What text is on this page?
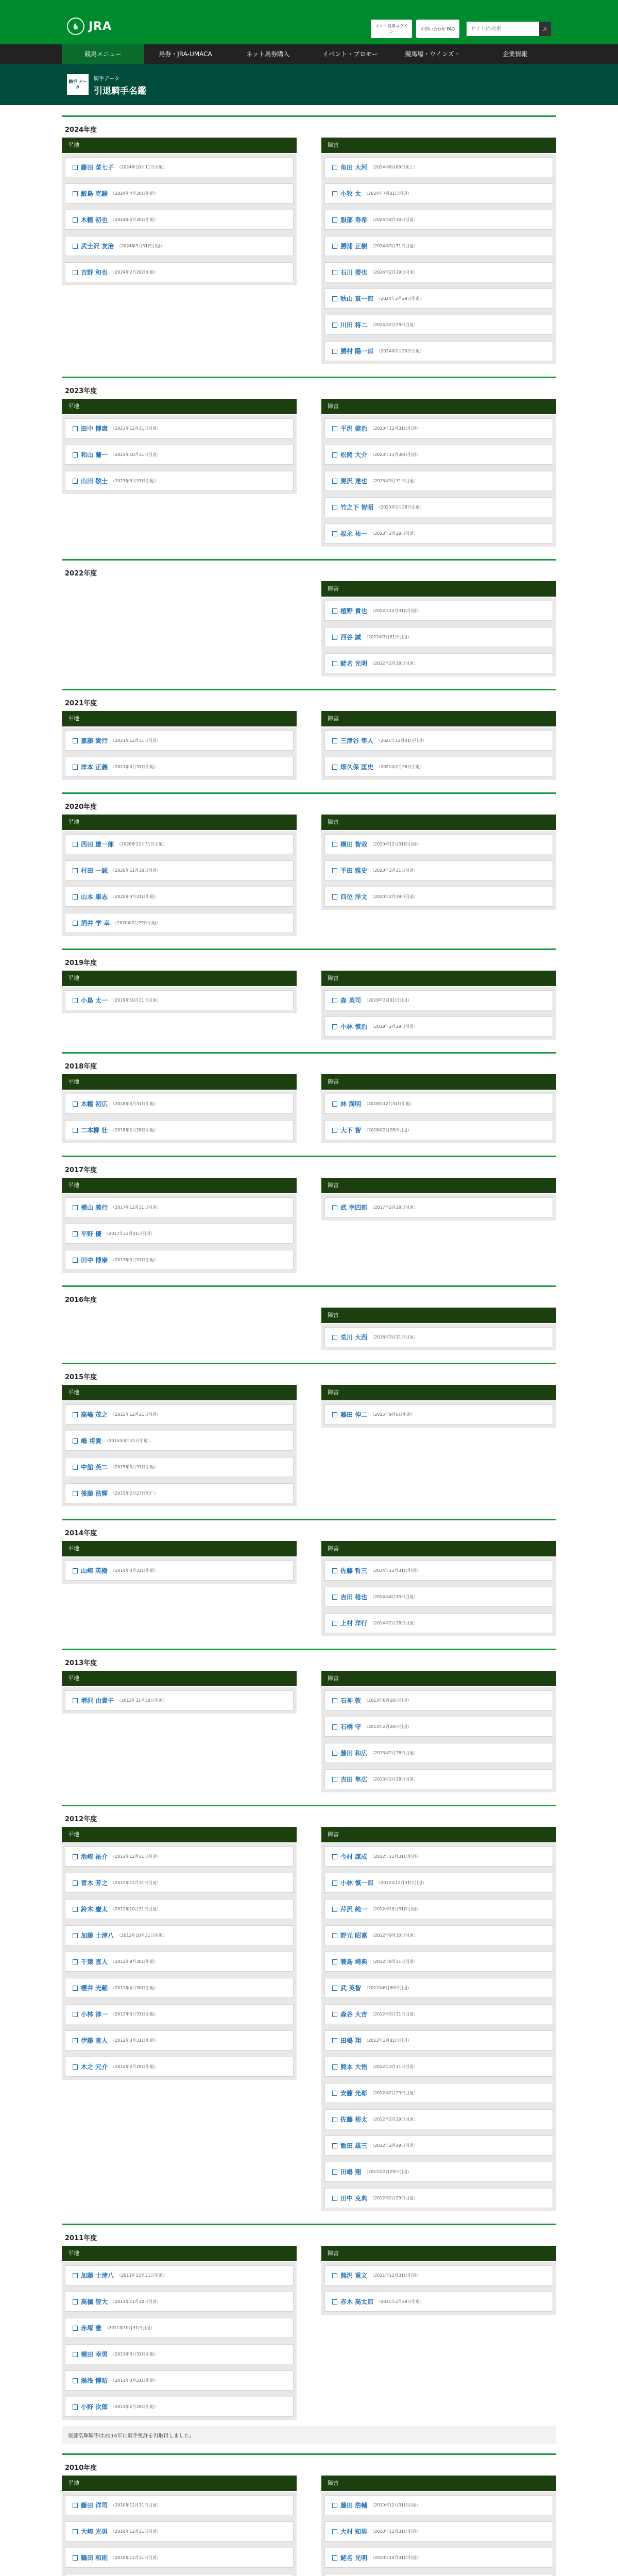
♞ JRA	ネット投票ログイン
お問い合わせ FAQ
サイト内検索	⌕
競馬メニュー	馬券・JRA-UMACA	ネット馬券購入	イベント・プロモー	競馬場・ウインズ・	企業情報
騎手 データ
騎手データ
引退騎手名鑑
2024年度
平地
藤田 菜七子 （2024年10月11日引退）
鮫島 克駿 （2024年4月30日引退）
木幡 初也 （2024年4月30日引退）
武士沢 友治 （2024年3月31日引退）
吉野 和也 （2024年2月29日引退）
障害
角田 大河 （2024年8月09日死亡）
小牧 太 （2024年7月31日引退）
服部 寿希 （2024年4月30日引退）
勝浦 正樹 （2024年3月31日引退）
石川 倭也 （2024年2月29日引退）
秋山 真一郎 （2024年2月29日引退）
川田 将二 （2024年2月29日引退）
勝村 陽一郎 （2024年2月29日引退）
2023年度
平地
田中 博康 （2023年12月31日引退）
和山 蘭一 （2023年10月31日引退）
山田 敬士 （2023年3月31日引退）
障害
平沢 健治 （2023年12月31日引退）
松岡 大介 （2023年11月30日引退）
黒沢 達也 （2023年3月31日引退）
竹之下 智昭 （2023年2月28日引退）
福永 祐一 （2023年2月28日引退）
2022年度
障害
植野 貴也 （2022年12月31日引退）
西谷 誠 （2022年3月31日引退）
蛯名 光明 （2022年2月28日引退）
2021年度
平地
嘉藤 貴行 （2021年12月31日引退）
岸本 正義 （2021年3月31日引退）
障害
三津谷 隼人 （2021年12月31日引退）
畑久保 匡史 （2021年2月28日引退）
2020年度
平地
西田 雄一郎 （2020年12月31日引退）
村田 一誠 （2020年11月30日引退）
山本 康志 （2020年3月31日引退）
酒井 学 幸 （2020年2月29日引退）
障害
横田 智哉 （2020年12月31日引退）
平田 雅史 （2020年3月31日引退）
四位 洋文 （2020年2月29日引退）
2019年度
平地
小島 太一 （2019年10月31日引退）
障害
森 英司 （2019年3月31日引退）
小林 慎治 （2019年2月28日引退）
2018年度
平地
木幡 初広 （2018年3月31日引退）
二本柳 壮 （2018年2月28日引退）
障害
林 満明 （2018年12月31日引退）
大下 智 （2018年2月28日引退）
2017年度
平地
横山 義行 （2017年12月31日引退）
平野 優 （2017年12月31日引退）
田中 博康 （2017年3月31日引退）
障害
武 幸四郎 （2017年2月28日引退）
2016年度
障害
荒川 大西 （2016年3月31日引退）
2015年度
平地
高嶋 茂之 （2015年12月31日引退）
嶋 将貴 （2015年8月31日引退）
中舘 英二 （2015年3月31日引退）
後藤 浩輝 （2015年2月27日死亡）
障害
藤田 伸二 （2015年9月6日引退）
2014年度
平地
山崎 英樹 （2014年3月31日引退）
障害
佐藤 哲三 （2014年12月31日引退）
吉田 稔也 （2014年4月30日引退）
上村 洋行 （2014年2月28日引退）
2013年度
平地
増沢 由貴子 （2013年11月30日引退）
障害
石神 敦 （2013年8月20日引退）
石橋 守 （2013年2月28日引退）
藤田 和広 （2013年2月28日引退）
吉田 隼広 （2013年2月28日引退）
2012年度
平地
池崎 祐介 （2012年12月31日引退）
青木 芳之 （2012年12月31日引退）
鈴木 慶太 （2012年10月31日引退）
加藤 士津八 （2012年10月31日引退）
千葉 直人 （2012年9月30日引退）
櫻井 光輔 （2012年4月30日引退）
小林 淳一 （2012年3月31日引退）
伊藤 直人 （2012年3月31日引退）
木之 元介 （2012年2月29日引退）
障害
今村 康成 （2012年12月31日引退）
小林 慎一郎 （2012年12月31日引退）
芹沢 純一 （2012年10月31日引退）
野元 昭嘉 （2012年9月30日引退）
蓑島 靖典 （2012年8月31日引退）
武 英智 （2012年6月30日引退）
森谷 大吉 （2012年3月31日引退）
田嶋 翔 （2012年3月31日引退）
熊本 大悟 （2012年3月31日引退）
安藤 光彰 （2012年2月29日引退）
佐藤 裕太 （2012年2月29日引退）
飯田 雄三 （2012年2月29日引退）
田嶋 翔 （2012年2月29日引退）
田中 克典 （2012年2月29日引退）
2011年度
平地
加藤 士津八 （2011年12月31日引退）
高橋 智大 （2011年11月30日引退）
赤塚 雅 （2011年10月31日引退）
横田 幸男 （2011年3月31日引退）
湯浅 博昭 （2011年3月31日引退）
小野 次郎 （2011年2月28日引退）
障害
熊沢 重文 （2011年12月31日引退）
赤木 高太郎 （2011年2月28日引退）
後藤浩輝騎手は2014年に騎手免許を再取得しました。
2010年度
平地
藤田 洋司 （2010年12月31日引退）
大崎 光男 （2010年12月31日引退）
鶴田 和則 （2010年12月31日引退）
障害
藤田 浩輔 （2010年12月31日引退）
大村 知男 （2010年12月31日引退）
蛯名 光明 （2010年10月31日引退）
